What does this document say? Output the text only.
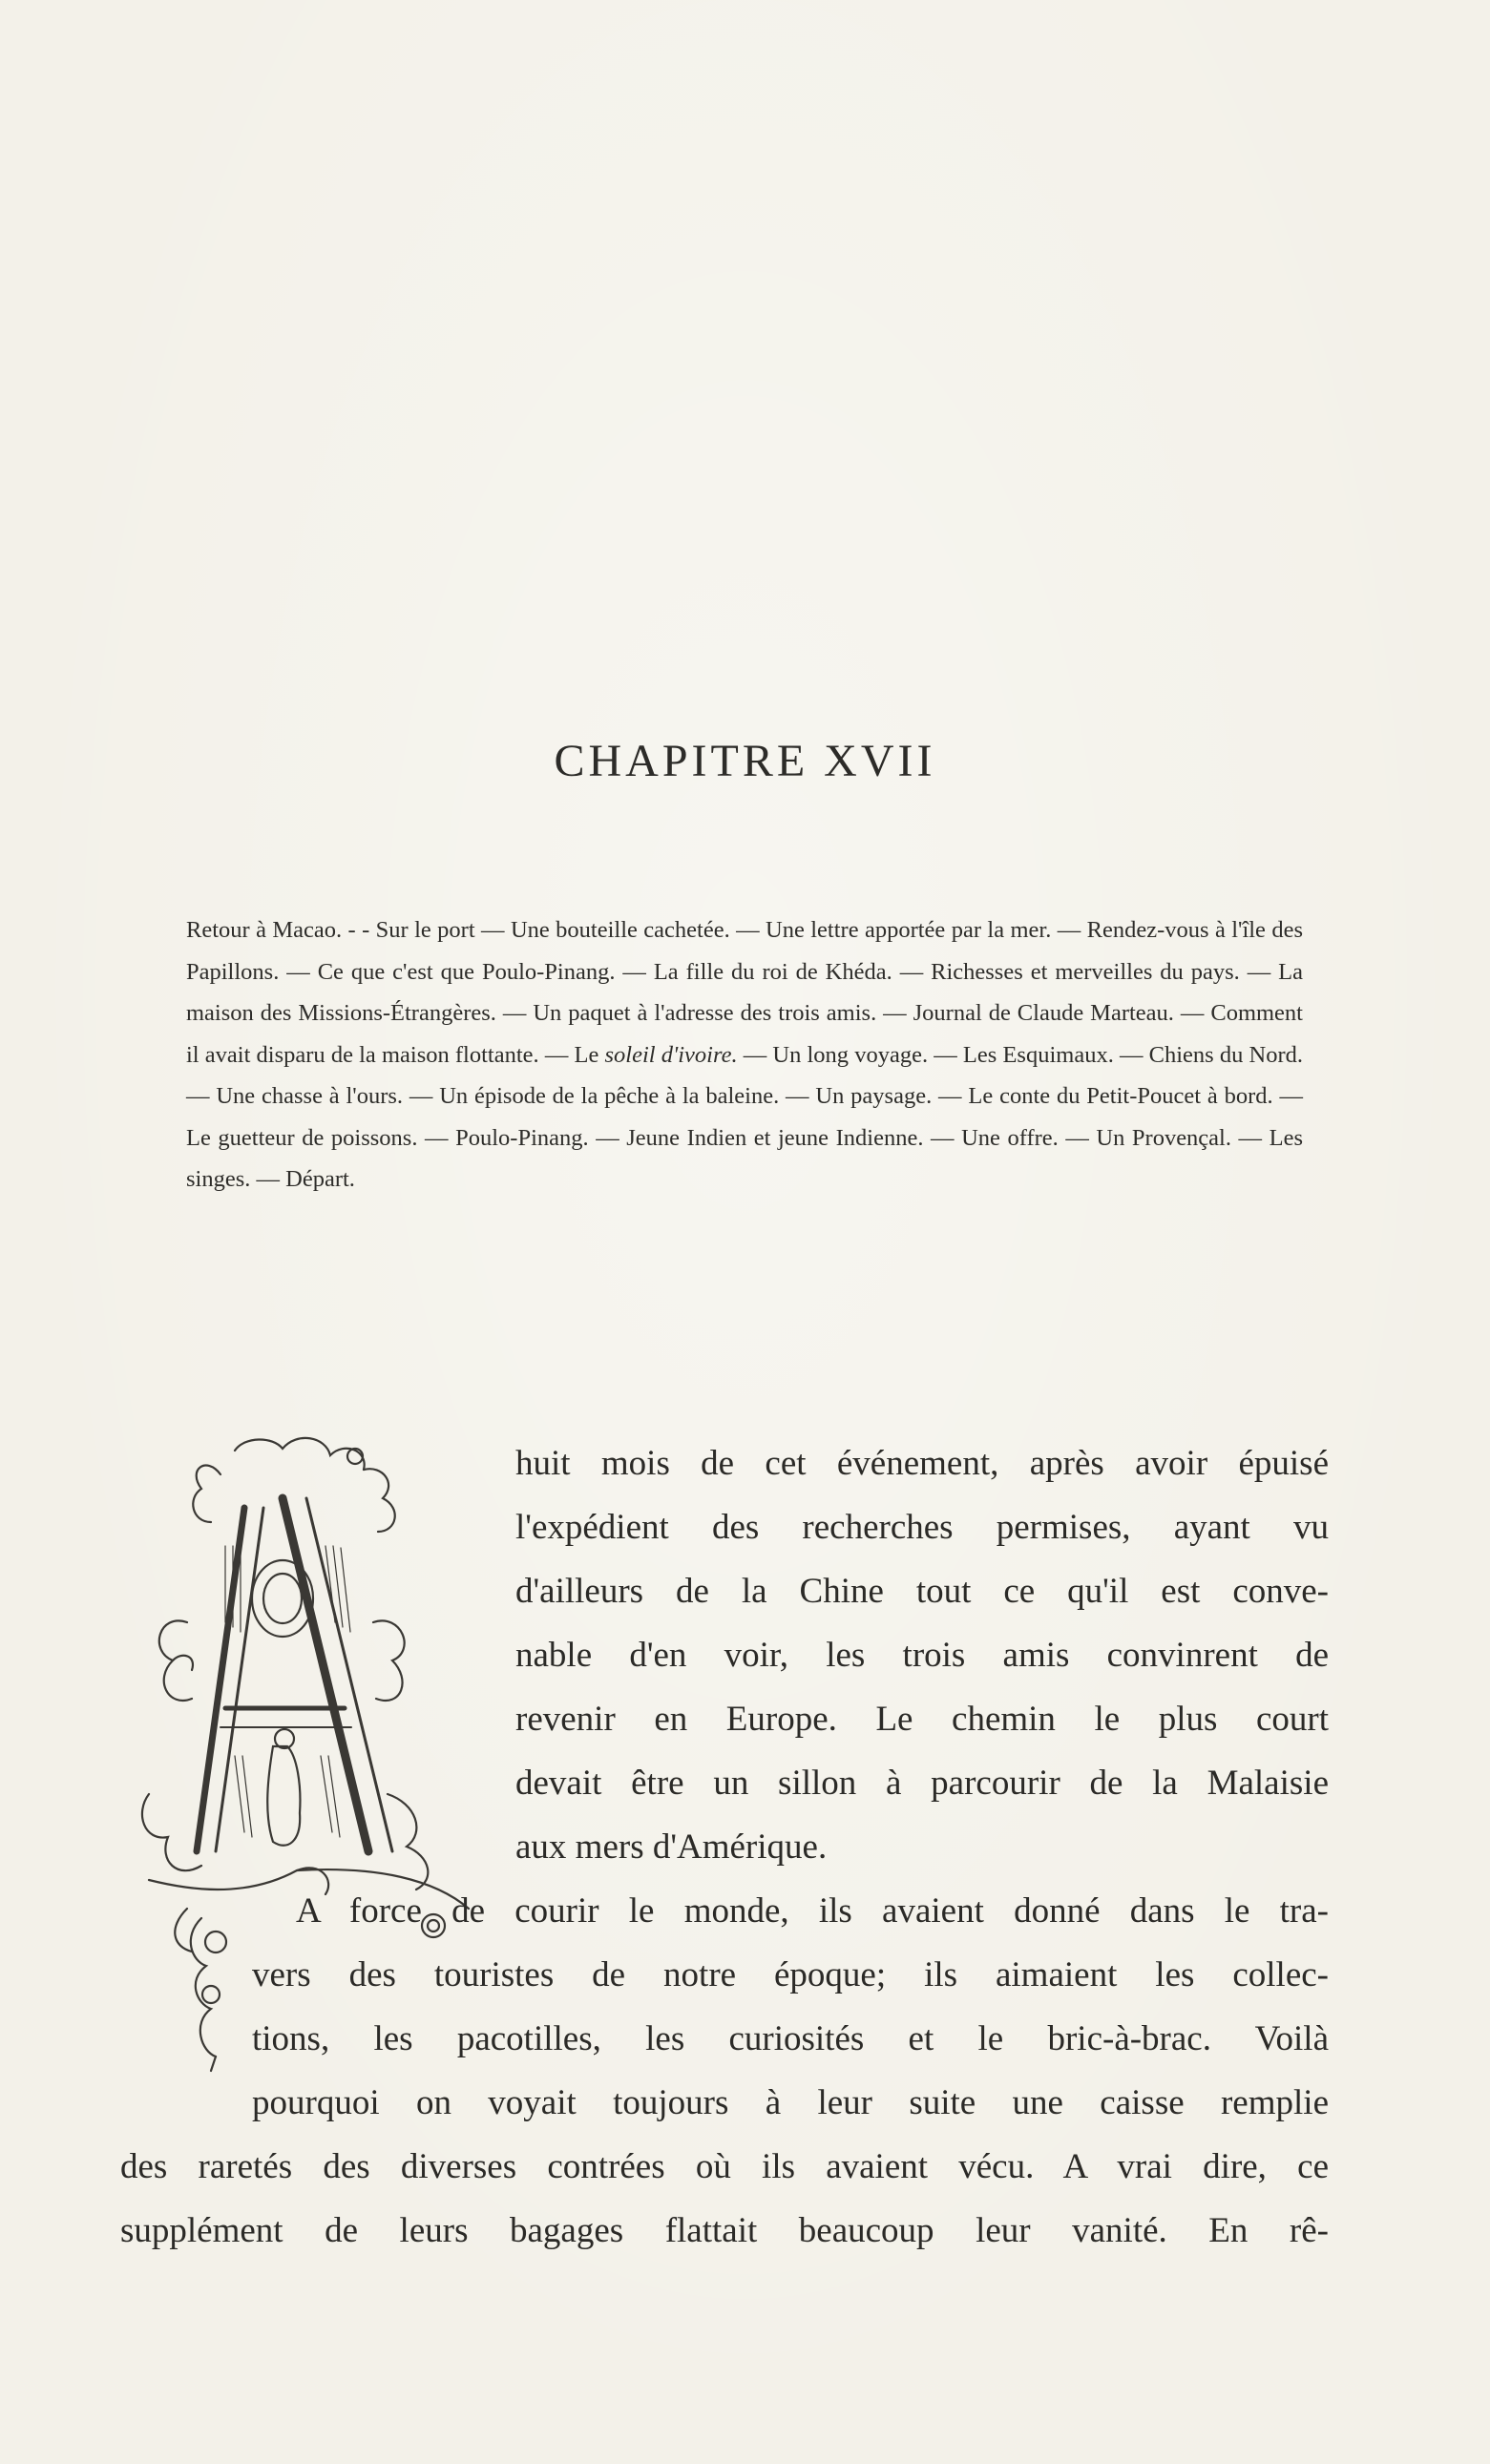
CHAPITRE XVII
Retour à Macao. - - Sur le port — Une bouteille cachetée. — Une lettre apportée par la mer. — Rendez-vous à l'île des Papillons. — Ce que c'est que Poulo-Pinang. — La fille du roi de Khéda. — Richesses et merveilles du pays. — La maison des Missions-Étrangères. — Un paquet à l'adresse des trois amis. — Journal de Claude Marteau. — Comment il avait disparu de la maison flottante. — Le soleil d'ivoire. — Un long voyage. — Les Esquimaux. — Chiens du Nord. — Une chasse à l'ours. — Un épisode de la pêche à la baleine. — Un paysage. — Le conte du Petit-Poucet à bord. — Le guetteur de poissons. — Poulo-Pinang. — Jeune Indien et jeune Indienne. — Une offre. — Un Provençal. — Les singes. — Départ.
huit mois de cet événement, après avoir épuisé
l'expédient des recherches permises, ayant vu
d'ailleurs de la Chine tout ce qu'il est conve-
nable d'en voir, les trois amis convinrent de
revenir en Europe. Le chemin le plus court
devait être un sillon à parcourir de la Malaisie
aux mers d'Amérique.
A force de courir le monde, ils avaient donné dans le tra-
vers des touristes de notre époque; ils aimaient les collec-
tions, les pacotilles, les curiosités et le bric-à-brac. Voilà
pourquoi on voyait toujours à leur suite une caisse remplie
des raretés des diverses contrées où ils avaient vécu. A vrai dire, ce
supplément de leurs bagages flattait beaucoup leur vanité. En rê-
